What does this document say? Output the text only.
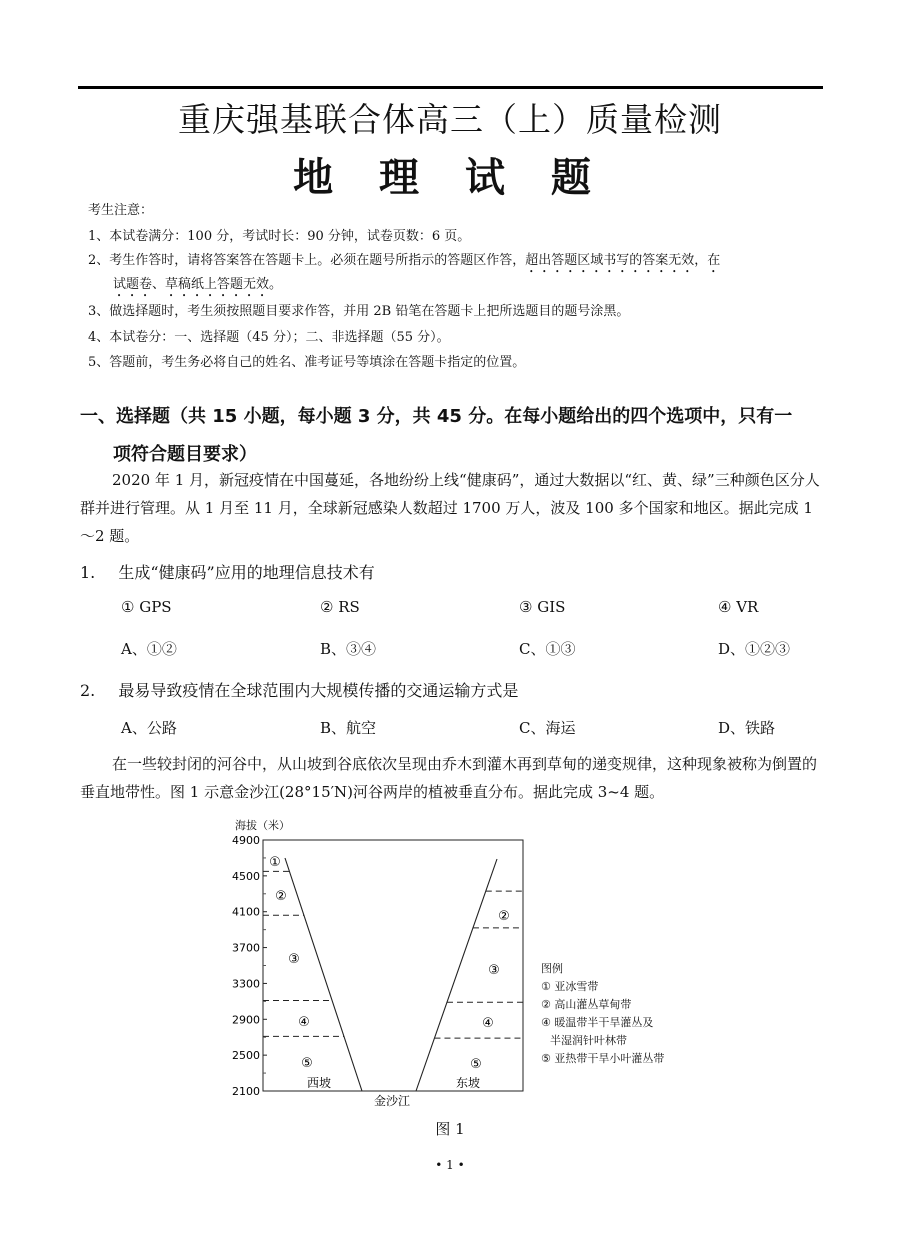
重庆强基联合体高三（上）质量检测
地 理 试 题
考生注意：
1、本试卷满分：100 分，考试时长：90 分钟，试卷页数：6 页。
2、考生作答时，请将答案答在答题卡上。必须在题号所指示的答题区作答，超出答题区域书写的答案无效，在
试题卷、草稿纸上答题无效。
3、做选择题时，考生须按照题目要求作答，并用 2B 铅笔在答题卡上把所选题目的题号涂黑。
4、本试卷分：一、选择题（45 分）；二、非选择题（55 分）。
5、答题前，考生务必将自己的姓名、准考证号等填涂在答题卡指定的位置。
一、选择题（共 15 小题，每小题 3 分，共 45 分。在每小题给出的四个选项中，只有一
项符合题目要求）
2020 年 1 月，新冠疫情在中国蔓延，各地纷纷上线“健康码”，通过大数据以“红、黄、绿”三种颜色区分人群并进行管理。从 1 月至 11 月，全球新冠感染人数超过 1700 万人，波及 100 多个国家和地区。据此完成 1～2 题。
1. 生成“健康码”应用的地理信息技术有
① GPS	② RS	③ GIS	④ VR
A、①②	B、③④	C、①③	D、①②③
2. 最易导致疫情在全球范围内大规模传播的交通运输方式是
A、公路	B、航空	C、海运	D、铁路
在一些较封闭的河谷中，从山坡到谷底依次呈现由乔木到灌木再到草甸的递变规律，这种现象被称为倒置的垂直地带性。图 1 示意金沙江(28°15′N)河谷两岸的植被垂直分布。据此完成 3~4 题。
海拔（米）
2100
2500
2900
3300
3700
4100
4500
4900
①
②
③
④
⑤
②
③
④
⑤
西坡	东坡
金沙江
图例
① 亚冰雪带
② 高山灌丛草甸带
④ 暖温带半干旱灌丛及
半湿润针叶林带
⑤ 亚热带干旱小叶灌丛带
图 1
• 1 •
